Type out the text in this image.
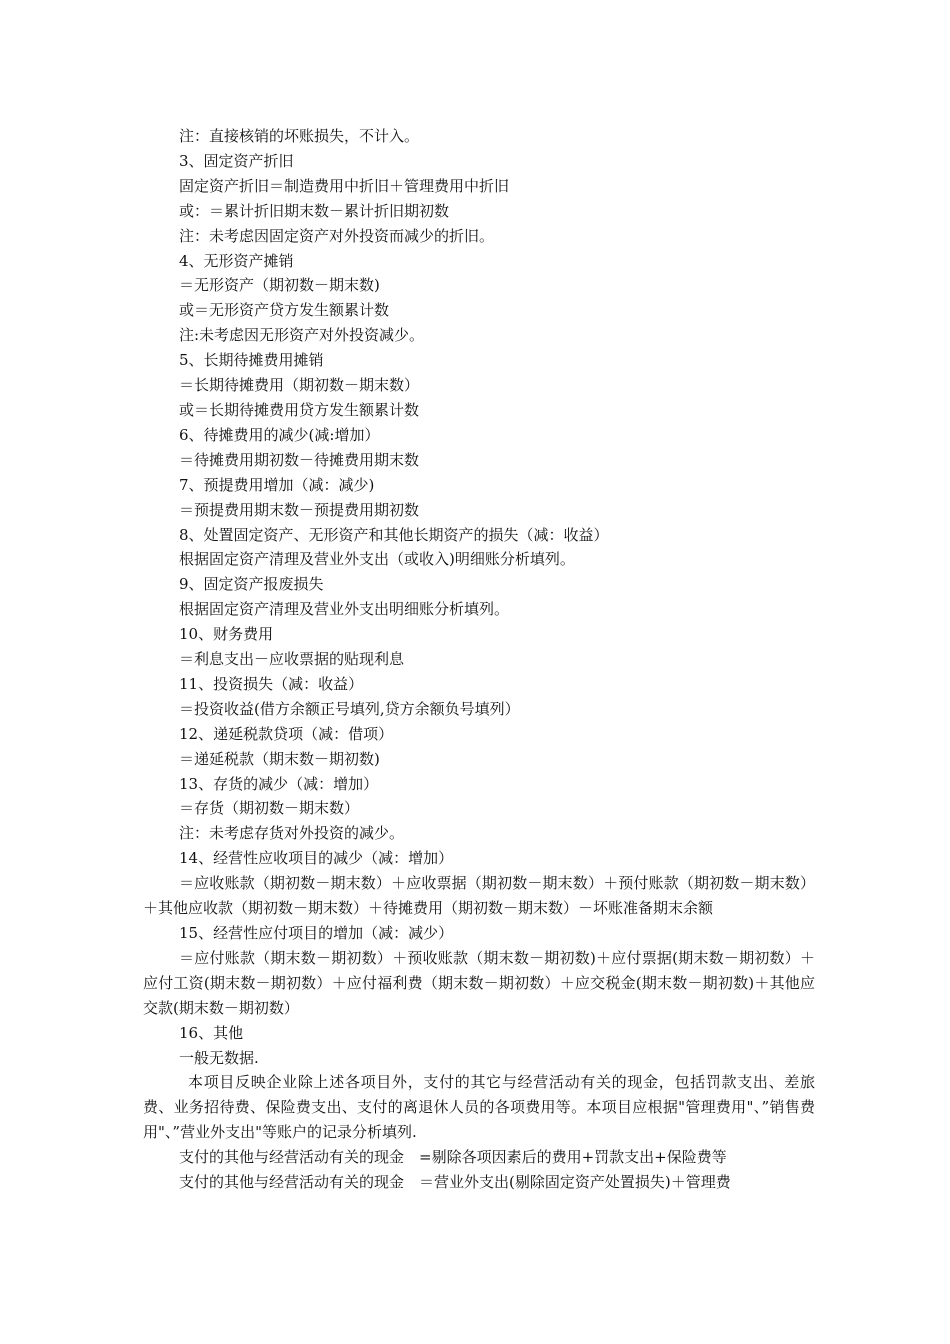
注：直接核销的坏账损失，不计入。

3、固定资产折旧

固定资产折旧＝制造费用中折旧＋管理费用中折旧

或：＝累计折旧期末数－累计折旧期初数

注：未考虑因固定资产对外投资而减少的折旧。

4、无形资产摊销

＝无形资产（期初数－期末数)

或＝无形资产贷方发生额累计数

注:未考虑因无形资产对外投资减少。

5、长期待摊费用摊销

＝长期待摊费用（期初数－期末数）

或＝长期待摊费用贷方发生额累计数

6、待摊费用的减少(减:增加）

＝待摊费用期初数－待摊费用期末数

7、预提费用增加（减：减少)

＝预提费用期末数－预提费用期初数

8、处置固定资产、无形资产和其他长期资产的损失（减：收益）

根据固定资产清理及营业外支出（或收入)明细账分析填列。

9、固定资产报废损失

根据固定资产清理及营业外支出明细账分析填列。

10、财务费用

＝利息支出－应收票据的贴现利息

11、投资损失（减：收益）

＝投资收益(借方余额正号填列,贷方余额负号填列）

12、递延税款贷项（减：借项）

＝递延税款（期末数－期初数)

13、存货的减少（减：增加）

＝存货（期初数－期末数）

注：未考虑存货对外投资的减少。

14、经营性应收项目的减少（减：增加）

＝应收账款（期初数－期末数）＋应收票据（期初数－期末数）＋预付账款（期初数－期末数）＋其他应收款（期初数－期末数）＋待摊费用（期初数－期末数）－坏账准备期末余额

15、经营性应付项目的增加（减：减少）

＝应付账款（期末数－期初数）＋预收账款（期末数－期初数)＋应付票据(期末数－期初数）＋应付工资(期末数－期初数）＋应付福利费（期末数－期初数）＋应交税金(期末数－期初数)＋其他应交款(期末数－期初数）

16、其他

一般无数据.

本项目反映企业除上述各项目外，支付的其它与经营活动有关的现金，包括罚款支出、差旅费、业务招待费、保险费支出、支付的离退休人员的各项费用等。本项目应根据"管理费用"、”销售费用"、”营业外支出"等账户的记录分析填列.

支付的其他与经营活动有关的现金　=剔除各项因素后的费用+罚款支出+保险费等

支付的其他与经营活动有关的现金　＝营业外支出(剔除固定资产处置损失)＋管理费
